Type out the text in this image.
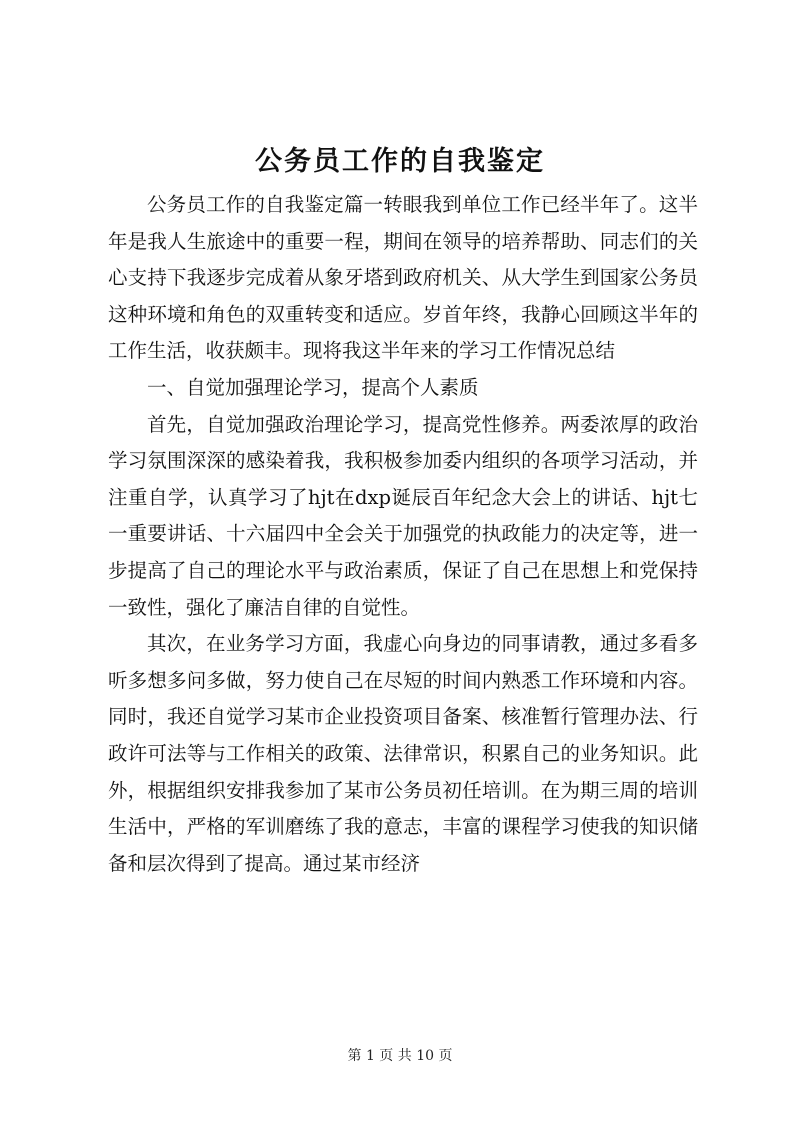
公务员工作的自我鉴定

公务员工作的自我鉴定篇一转眼我到单位工作已经半年了。这半年是我人生旅途中的重要一程，期间在领导的培养帮助、同志们的关心支持下我逐步完成着从象牙塔到政府机关、从大学生到国家公务员这种环境和角色的双重转变和适应。岁首年终，我静心回顾这半年的工作生活，收获颇丰。现将我这半年来的学习工作情况总结

一、自觉加强理论学习，提高个人素质

首先，自觉加强政治理论学习，提高党性修养。两委浓厚的政治学习氛围深深的感染着我，我积极参加委内组织的各项学习活动，并注重自学，认真学习了hjt在dxp诞辰百年纪念大会上的讲话、hjt七一重要讲话、十六届四中全会关于加强党的执政能力的决定等，进一步提高了自己的理论水平与政治素质，保证了自己在思想上和党保持一致性，强化了廉洁自律的自觉性。

其次，在业务学习方面，我虚心向身边的同事请教，通过多看多听多想多问多做，努力使自己在尽短的时间内熟悉工作环境和内容。同时，我还自觉学习某市企业投资项目备案、核准暂行管理办法、行政许可法等与工作相关的政策、法律常识，积累自己的业务知识。此外，根据组织安排我参加了某市公务员初任培训。在为期三周的培训生活中，严格的军训磨练了我的意志，丰富的课程学习使我的知识储备和层次得到了提高。通过某市经济

第 1 页 共 10 页
